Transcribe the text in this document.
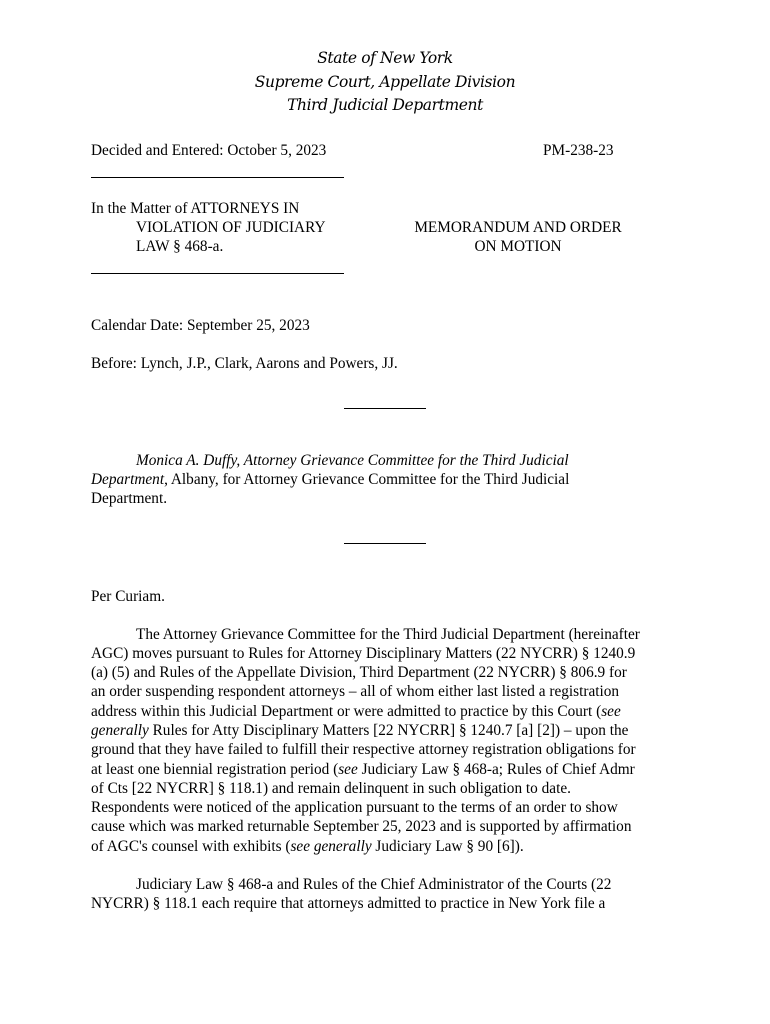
State of New York
Supreme Court, Appellate Division
Third Judicial Department
Decided and Entered: October 5, 2023	PM-238-23
In the Matter of ATTORNEYS IN
VIOLATION OF JUDICIARY
LAW § 468-a.
MEMORANDUM AND ORDER
ON MOTION
Calendar Date: September 25, 2023
Before: Lynch, J.P., Clark, Aarons and Powers, JJ.
Monica A. Duffy, Attorney Grievance Committee for the Third Judicial
Department, Albany, for Attorney Grievance Committee for the Third Judicial
Department.
Per Curiam.
The Attorney Grievance Committee for the Third Judicial Department (hereinafter
AGC) moves pursuant to Rules for Attorney Disciplinary Matters (22 NYCRR) § 1240.9
(a) (5) and Rules of the Appellate Division, Third Department (22 NYCRR) § 806.9 for
an order suspending respondent attorneys – all of whom either last listed a registration
address within this Judicial Department or were admitted to practice by this Court (see
generally Rules for Atty Disciplinary Matters [22 NYCRR] § 1240.7 [a] [2]) – upon the
ground that they have failed to fulfill their respective attorney registration obligations for
at least one biennial registration period (see Judiciary Law § 468-a; Rules of Chief Admr
of Cts [22 NYCRR] § 118.1) and remain delinquent in such obligation to date.
Respondents were noticed of the application pursuant to the terms of an order to show
cause which was marked returnable September 25, 2023 and is supported by affirmation
of AGC's counsel with exhibits (see generally Judiciary Law § 90 [6]).
Judiciary Law § 468-a and Rules of the Chief Administrator of the Courts (22
NYCRR) § 118.1 each require that attorneys admitted to practice in New York file a
